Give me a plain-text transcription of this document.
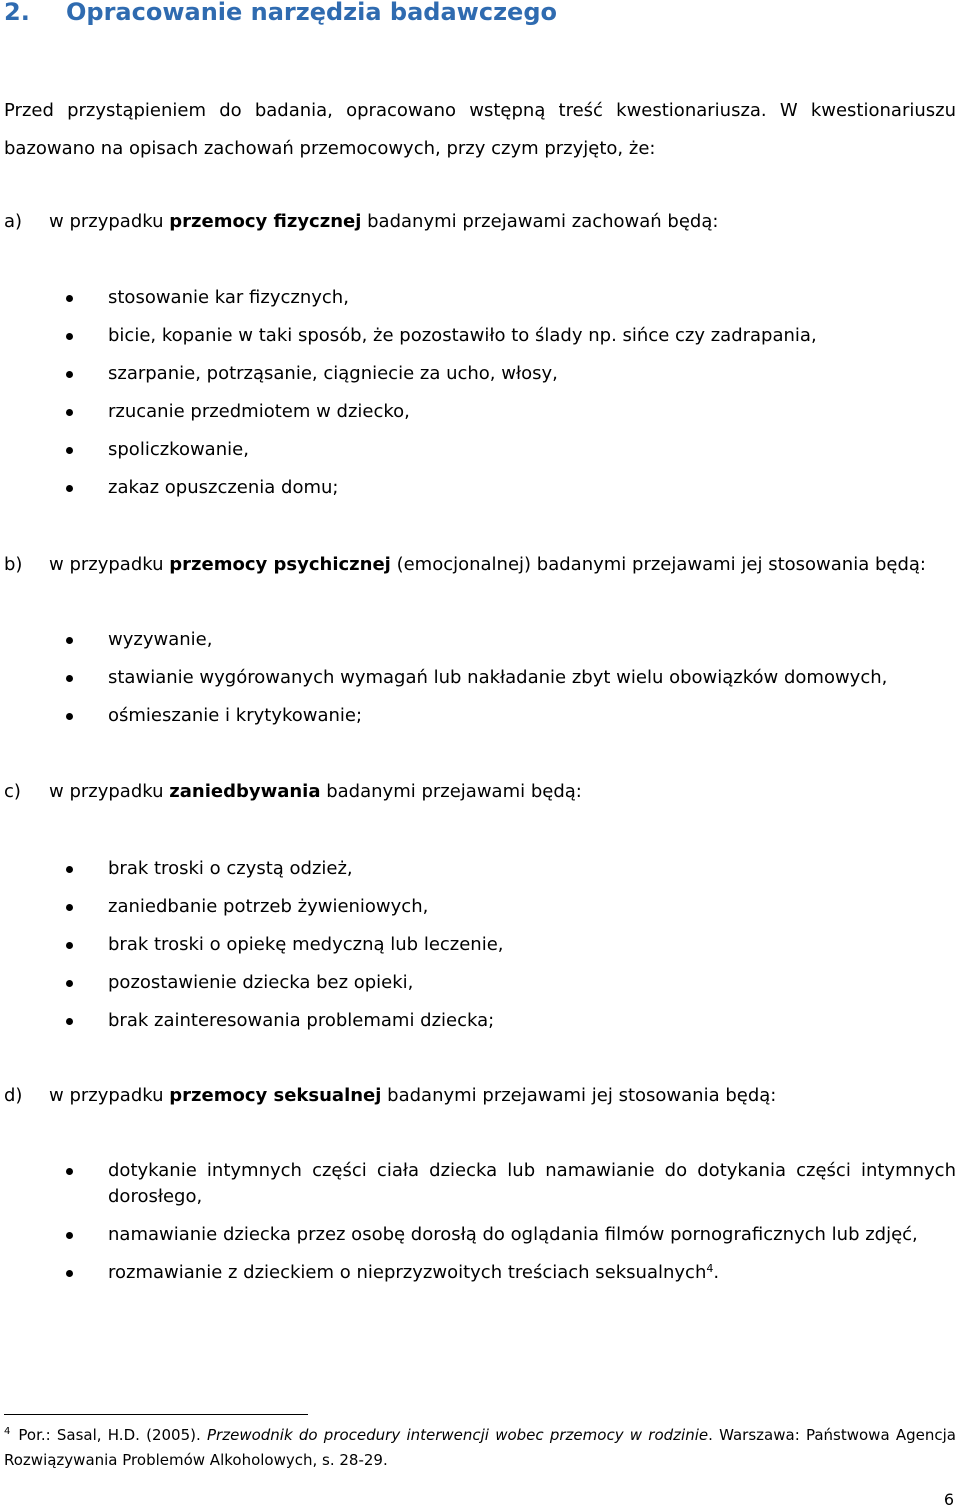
2. Opracowanie narzędzia badawczego

Przed przystąpieniem do badania, opracowano wstępną treść kwestionariusza. W kwestionariuszu bazowano na opisach zachowań przemocowych, przy czym przyjęto, że:

a) w przypadku przemocy fizycznej badanymi przejawami zachowań będą:
stosowanie kar fizycznych,
bicie, kopanie w taki sposób, że pozostawiło to ślady np. sińce czy zadrapania,
szarpanie, potrząsanie, ciągniecie za ucho, włosy,
rzucanie przedmiotem w dziecko,
spoliczkowanie,
zakaz opuszczenia domu;
b) w przypadku przemocy psychicznej (emocjonalnej) badanymi przejawami jej stosowania będą:
wyzywanie,
stawianie wygórowanych wymagań lub nakładanie zbyt wielu obowiązków domowych,
ośmieszanie i krytykowanie;
c) w przypadku zaniedbywania badanymi przejawami będą:
brak troski o czystą odzież,
zaniedbanie potrzeb żywieniowych,
brak troski o opiekę medyczną lub leczenie,
pozostawienie dziecka bez opieki,
brak zainteresowania problemami dziecka;
d) w przypadku przemocy seksualnej badanymi przejawami jej stosowania będą:
dotykanie intymnych części ciała dziecka lub namawianie do dotykania części intymnych dorosłego,
namawianie dziecka przez osobę dorosłą do oglądania filmów pornograficznych lub zdjęć,
rozmawianie z dzieckiem o nieprzyzwoitych treściach seksualnych$^4$.
$^4$ Por.: Sasal, H.D. (2005). Przewodnik do procedury interwencji wobec przemocy w rodzinie. Warszawa: Państwowa Agencja Rozwiązywania Problemów Alkoholowych, s. 28-29.
6
